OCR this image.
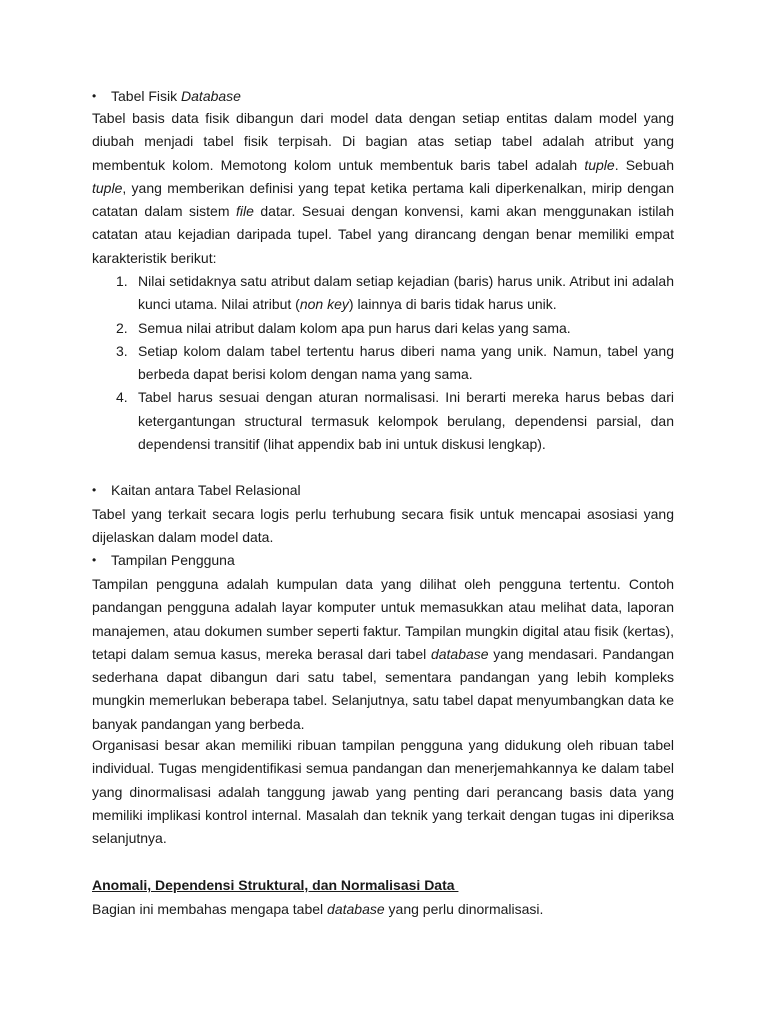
•	Tabel Fisik Database

Tabel basis data fisik dibangun dari model data dengan setiap entitas dalam model yang diubah menjadi tabel fisik terpisah. Di bagian atas setiap tabel adalah atribut yang membentuk kolom. Memotong kolom untuk membentuk baris tabel adalah tuple. Sebuah tuple, yang memberikan definisi yang tepat ketika pertama kali diperkenalkan, mirip dengan catatan dalam sistem file datar. Sesuai dengan konvensi, kami akan menggunakan istilah catatan atau kejadian daripada tupel. Tabel yang dirancang dengan benar memiliki empat karakteristik berikut:

1. Nilai setidaknya satu atribut dalam setiap kejadian (baris) harus unik. Atribut ini adalah kunci utama. Nilai atribut (non key) lainnya di baris tidak harus unik.
2. Semua nilai atribut dalam kolom apa pun harus dari kelas yang sama.
3. Setiap kolom dalam tabel tertentu harus diberi nama yang unik. Namun, tabel yang berbeda dapat berisi kolom dengan nama yang sama.
4. Tabel harus sesuai dengan aturan normalisasi. Ini berarti mereka harus bebas dari ketergantungan structural termasuk kelompok berulang, dependensi parsial, dan dependensi transitif (lihat appendix bab ini untuk diskusi lengkap).
•	Kaitan antara Tabel Relasional

Tabel yang terkait secara logis perlu terhubung secara fisik untuk mencapai asosiasi yang dijelaskan dalam model data.

•	Tampilan Pengguna

Tampilan pengguna adalah kumpulan data yang dilihat oleh pengguna tertentu. Contoh pandangan pengguna adalah layar komputer untuk memasukkan atau melihat data, laporan manajemen, atau dokumen sumber seperti faktur. Tampilan mungkin digital atau fisik (kertas), tetapi dalam semua kasus, mereka berasal dari tabel database yang mendasari. Pandangan sederhana dapat dibangun dari satu tabel, sementara pandangan yang lebih kompleks mungkin memerlukan beberapa tabel. Selanjutnya, satu tabel dapat menyumbangkan data ke banyak pandangan yang berbeda.

Organisasi besar akan memiliki ribuan tampilan pengguna yang didukung oleh ribuan tabel individual. Tugas mengidentifikasi semua pandangan dan menerjemahkannya ke dalam tabel yang dinormalisasi adalah tanggung jawab yang penting dari perancang basis data yang memiliki implikasi kontrol internal. Masalah dan teknik yang terkait dengan tugas ini diperiksa selanjutnya.

Anomali, Dependensi Struktural, dan Normalisasi Data

Bagian ini membahas mengapa tabel database yang perlu dinormalisasi.
